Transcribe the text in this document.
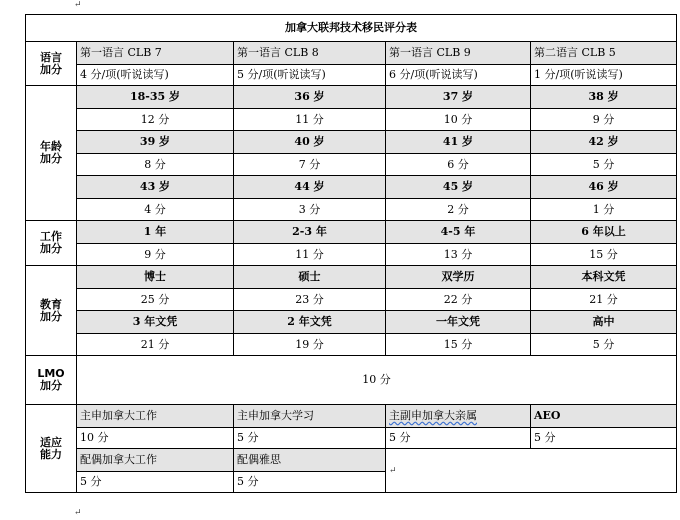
↵
↵
加拿大联邦技术移民评分表				

语言
加分	第一语言 CLB 7	第一语言 CLB 8	第一语言 CLB 9	第二语言 CLB 5
	4 分/项(听说读写)	5 分/项(听说读写)	6 分/项(听说读写)	1 分/项(听说读写)

年龄
加分	18-35 岁	36 岁	37 岁	38 岁
	12 分	11 分	10 分	9 分
	39 岁	40 岁	41 岁	42 岁
	8 分	7 分	6 分	5 分
	43 岁	44 岁	45 岁	46 岁
	4 分	3 分	2 分	1 分

工作
加分	1 年	2-3 年	4-5 年	6 年以上
	9 分	11 分	13 分	15 分

教育
加分	博士	硕士	双学历	本科文凭
	25 分	23 分	22 分	21 分
	3 年文凭	2 年文凭	一年文凭	高中
	21 分	19 分	15 分	5 分

LMO
加分	10 分			

适应
能力	主申加拿大工作	主申加拿大学习	主副申加拿大亲属	AEO
	10 分	5 分	5 分	5 分
	配偶加拿大工作	配偶雅思	↵	
	5 分	5 分		
